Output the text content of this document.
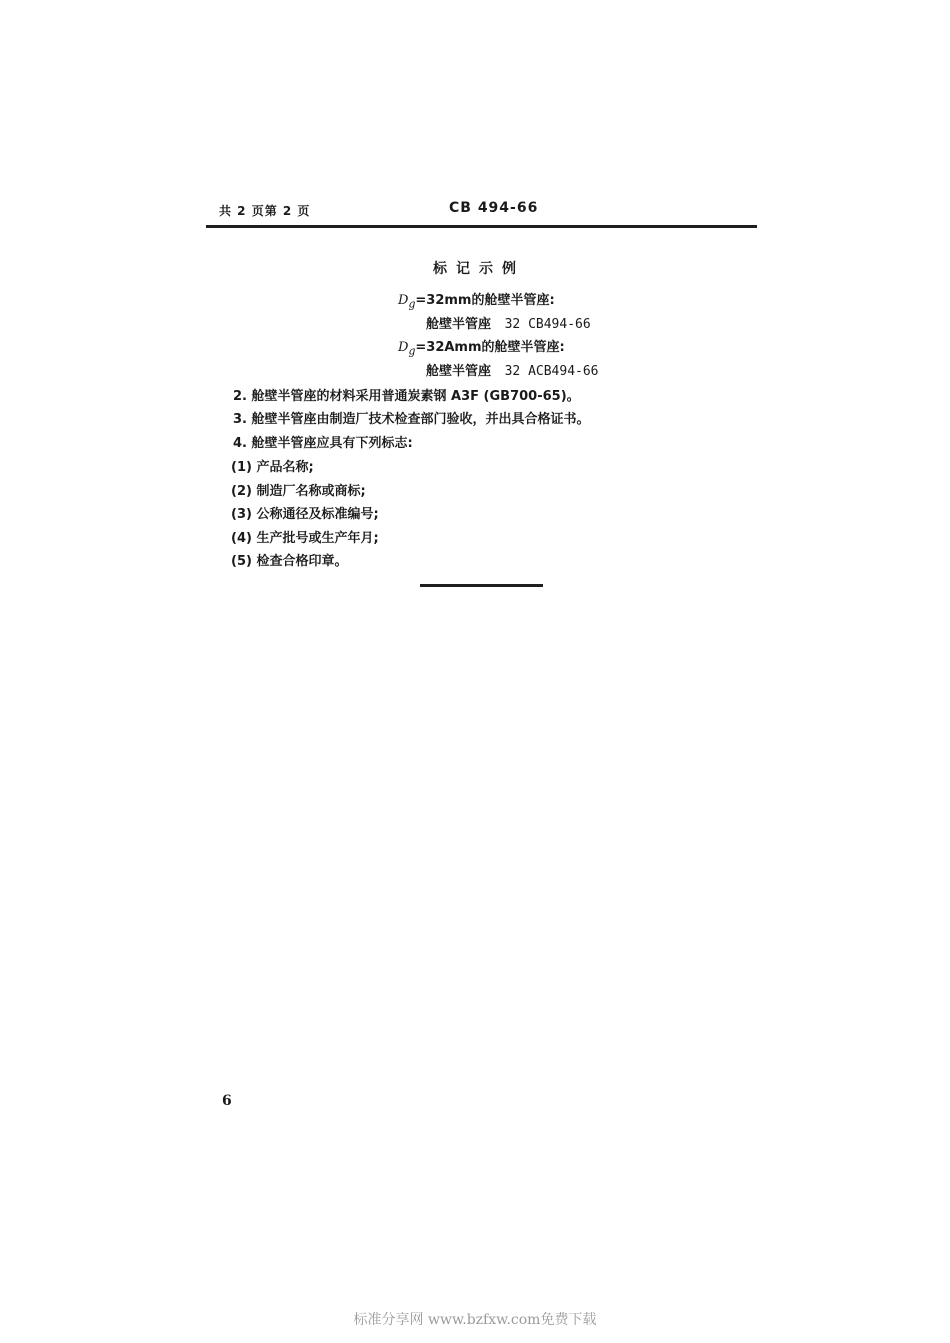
共 2 页第 2 页	CB 494-66
标记示例
$D_g=32mm$的舱壁半管座:
舱壁半管座 32 CB494-66
$D_g=32Amm$的舱壁半管座:
舱壁半管座 32 ACB494-66
2. 舱壁半管座的材料采用普通炭素钢 A3F (GB700-65)。
3. 舱壁半管座由制造厂技术检查部门验收，并出具合格证书。
4. 舱壁半管座应具有下列标志:
(1) 产品名称;
(2) 制造厂名称或商标;
(3) 公称通径及标准编号;
(4) 生产批号或生产年月;
(5) 检查合格印章。
6
标准分享网 www.bzfxw.com免费下载
